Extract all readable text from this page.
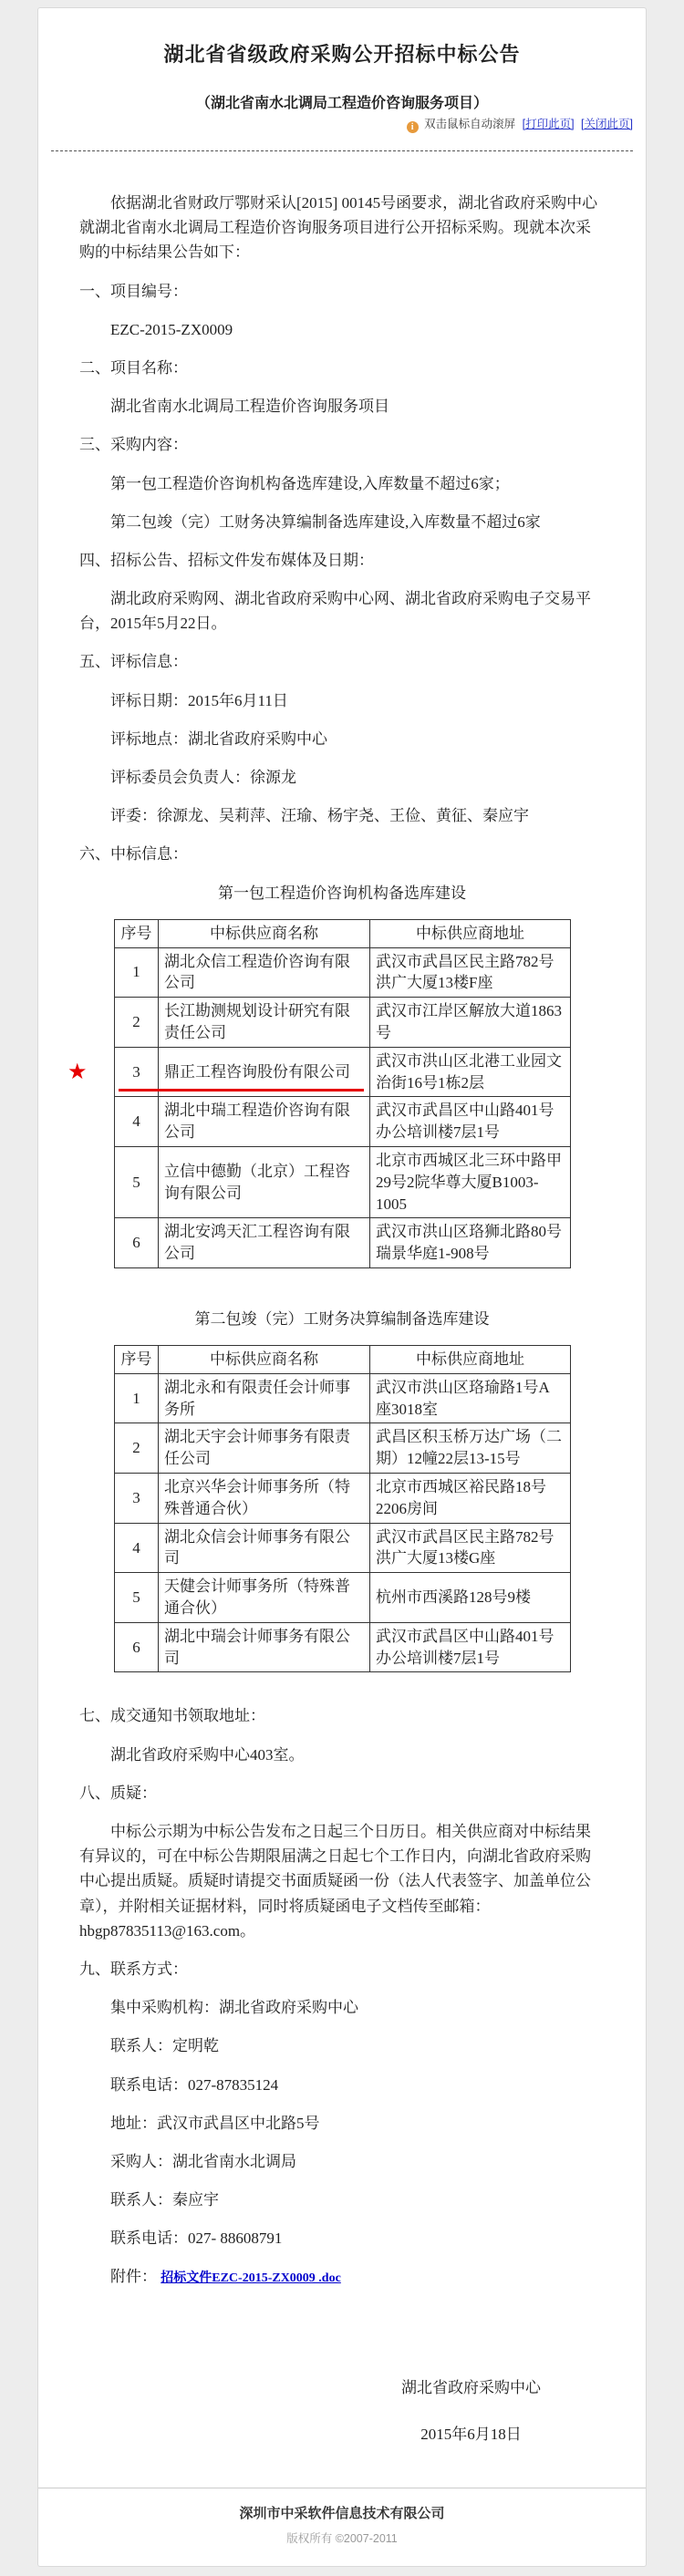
湖北省省级政府采购公开招标中标公告
（湖北省南水北调局工程造价咨询服务项目）
i 双击鼠标自动滚屏 [打印此页] [关闭此页]

依据湖北省财政厅鄂财采认[2015] 00145号函要求，湖北省政府采购中心就湖北省南水北调局工程造价咨询服务项目进行公开招标采购。现就本次采购的中标结果公告如下：

一、项目编号：

EZC-2015-ZX0009

二、项目名称：

湖北省南水北调局工程造价咨询服务项目

三、采购内容：

第一包工程造价咨询机构备选库建设,入库数量不超过6家；

第二包竣（完）工财务决算编制备选库建设,入库数量不超过6家

四、招标公告、招标文件发布媒体及日期：

湖北政府采购网、湖北省政府采购中心网、湖北省政府采购电子交易平台，2015年5月22日。

五、评标信息：

评标日期：2015年6月11日

评标地点：湖北省政府采购中心

评标委员会负责人：徐源龙

评委：徐源龙、吴莉萍、汪瑜、杨宇尧、王俭、黄征、秦应宇

六、中标信息：

第一包工程造价咨询机构备选库建设

序号	中标供应商名称	中标供应商地址
1	湖北众信工程造价咨询有限公司	武汉市武昌区民主路782号洪广大厦13楼F座
2	长江勘测规划设计研究有限责任公司	武汉市江岸区解放大道1863号

★ 3	鼎正工程咨询股份有限公司	武汉市洪山区北港工业园文治街16号1栋2层
4	湖北中瑞工程造价咨询有限公司	武汉市武昌区中山路401号办公培训楼7层1号
5	立信中德勤（北京）工程咨询有限公司	北京市西城区北三环中路甲29号2院华尊大厦B1003-1005
6	湖北安鸿天汇工程咨询有限公司	武汉市洪山区珞狮北路80号瑞景华庭1-908号

第二包竣（完）工财务决算编制备选库建设

序号	中标供应商名称	中标供应商地址
1	湖北永和有限责任会计师事务所	武汉市洪山区珞瑜路1号A座3018室
2	湖北天宇会计师事务有限责任公司	武昌区积玉桥万达广场（二期）12幢22层13-15号
3	北京兴华会计师事务所（特殊普通合伙）	北京市西城区裕民路18号2206房间
4	湖北众信会计师事务有限公司	武汉市武昌区民主路782号洪广大厦13楼G座
5	天健会计师事务所（特殊普通合伙）	杭州市西溪路128号9楼
6	湖北中瑞会计师事务有限公司	武汉市武昌区中山路401号办公培训楼7层1号

七、成交通知书领取地址：

湖北省政府采购中心403室。

八、质疑：

中标公示期为中标公告发布之日起三个日历日。相关供应商对中标结果有异议的，可在中标公告期限届满之日起七个工作日内，向湖北省政府采购中心提出质疑。质疑时请提交书面质疑函一份（法人代表签字、加盖单位公章），并附相关证据材料，同时将质疑函电子文档传至邮箱：hbgp87835113@163.com。

九、联系方式：

集中采购机构：湖北省政府采购中心

联系人：定明乾

联系电话：027-87835124

地址：武汉市武昌区中北路5号

采购人：湖北省南水北调局

联系人：秦应宇

联系电话：027- 88608791

附件： 招标文件EZC-2015-ZX0009 .doc

湖北省政府采购中心

2015年6月18日

深圳市中采软件信息技术有限公司

版权所有 ©2007-2011
